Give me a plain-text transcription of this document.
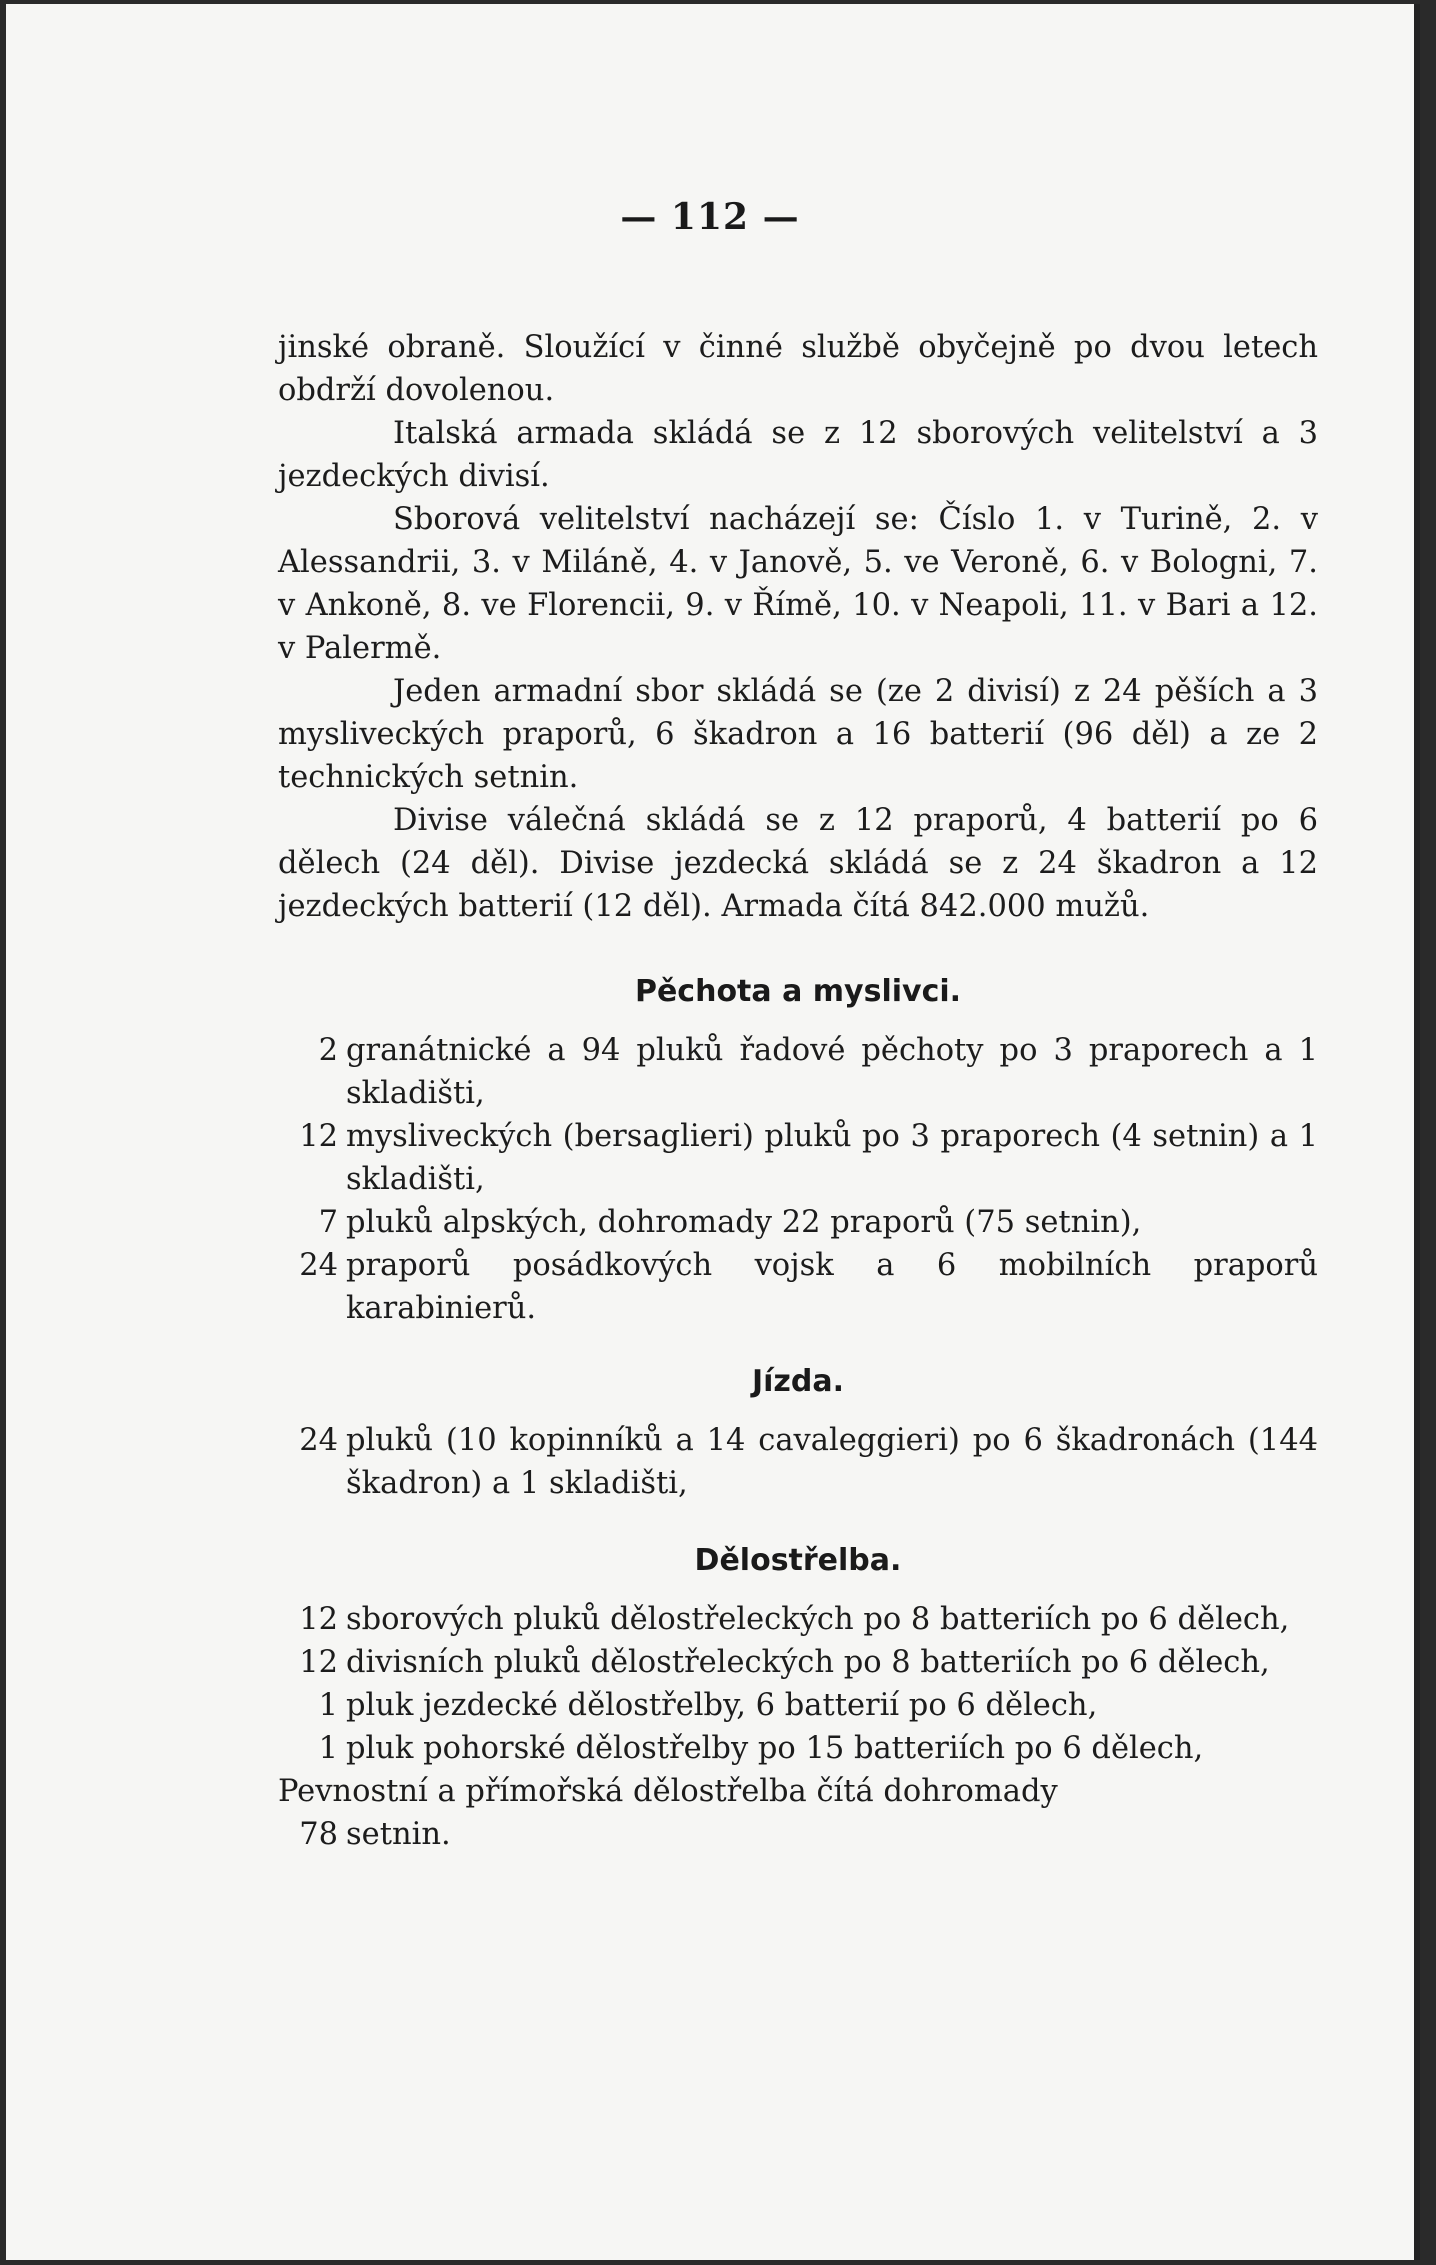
— 112 —

jinské obraně. Sloužící v činné službě obyčejně po dvou letech obdrží dovolenou.

Italská armada skládá se z 12 sborových velitelství a 3 jezdeckých divisí.

Sborová velitelství nacházejí se: Číslo 1. v Turině, 2. v Alessandrii, 3. v Miláně, 4. v Janově, 5. ve Veroně, 6. v Bologni, 7. v Ankoně, 8. ve Florencii, 9. v Římě, 10. v Neapoli, 11. v Bari a 12. v Palermě.

Jeden armadní sbor skládá se (ze 2 divisí) z 24 pěších a 3 mysliveckých praporů, 6 škadron a 16 batterií (96 děl) a ze 2 technických setnin.

Divise válečná skládá se z 12 praporů, 4 batterií po 6 dělech (24 děl). Divise jezdecká skládá se z 24 škadron a 12 jezdeckých batterií (12 děl). Armada čítá 842.000 mužů.

Pěchota a myslivci.
2 granátnické a 94 pluků řadové pěchoty po 3 praporech a 1 skladišti,
12 mysliveckých (bersaglieri) pluků po 3 praporech (4 setnin) a 1 skladišti,
7 pluků alpských, dohromady 22 praporů (75 setnin),
24 praporů posádkových vojsk a 6 mobilních praporů karabinierů.
Jízda.
24 pluků (10 kopinníků a 14 cavaleggieri) po 6 škadronách (144 škadron) a 1 skladišti,
Dělostřelba.
12 sborových pluků dělostřeleckých po 8 batteriích po 6 dělech,
12 divisních pluků dělostřeleckých po 8 batteriích po 6 dělech,
1 pluk jezdecké dělostřelby, 6 batterií po 6 dělech,
1 pluk pohorské dělostřelby po 15 batteriích po 6 dělech,

Pevnostní a přímořská dělostřelba čítá dohromady

78 setnin.
